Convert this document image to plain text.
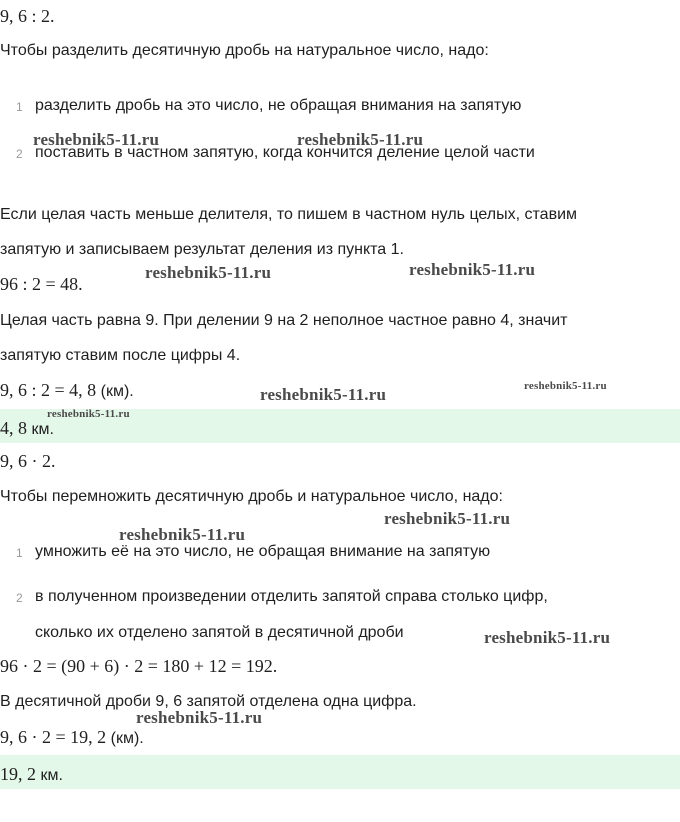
9, 6 : 2.
Чтобы разделить десятичную дробь на натуральное число, надо:
1 разделить дробь на это число, не обращая внимания на запятую
2 поставить в частном запятую, когда кончится деление целой части
Если целая часть меньше делителя, то пишем в частном нуль целых, ставим
запятую и записываем результат деления из пункта 1.
96 : 2 = 48.
Целая часть равна 9. При делении 9 на 2 неполное частное равно 4, значит
запятую ставим после цифры 4.
9, 6 : 2 = 4, 8 (км).
4, 8 км.
9, 6 · 2.
Чтобы перемножить десятичную дробь и натуральное число, надо:
1 умножить её на это число, не обращая внимание на запятую
2 в полученном произведении отделить запятой справа столько цифр,
сколько их отделено запятой в десятичной дроби
96 · 2 = (90 + 6) · 2 = 180 + 12 = 192.
В десятичной дроби 9, 6 запятой отделена одна цифра.
9, 6 · 2 = 19, 2 (км).
19, 2 км.
reshebnik5-11.ru	reshebnik5-11.ru
reshebnik5-11.ru	reshebnik5-11.ru
reshebnik5-11.ru	reshebnik5-11.ru
reshebnik5-11.ru
reshebnik5-11.ru
reshebnik5-11.ru
reshebnik5-11.ru
reshebnik5-11.ru
